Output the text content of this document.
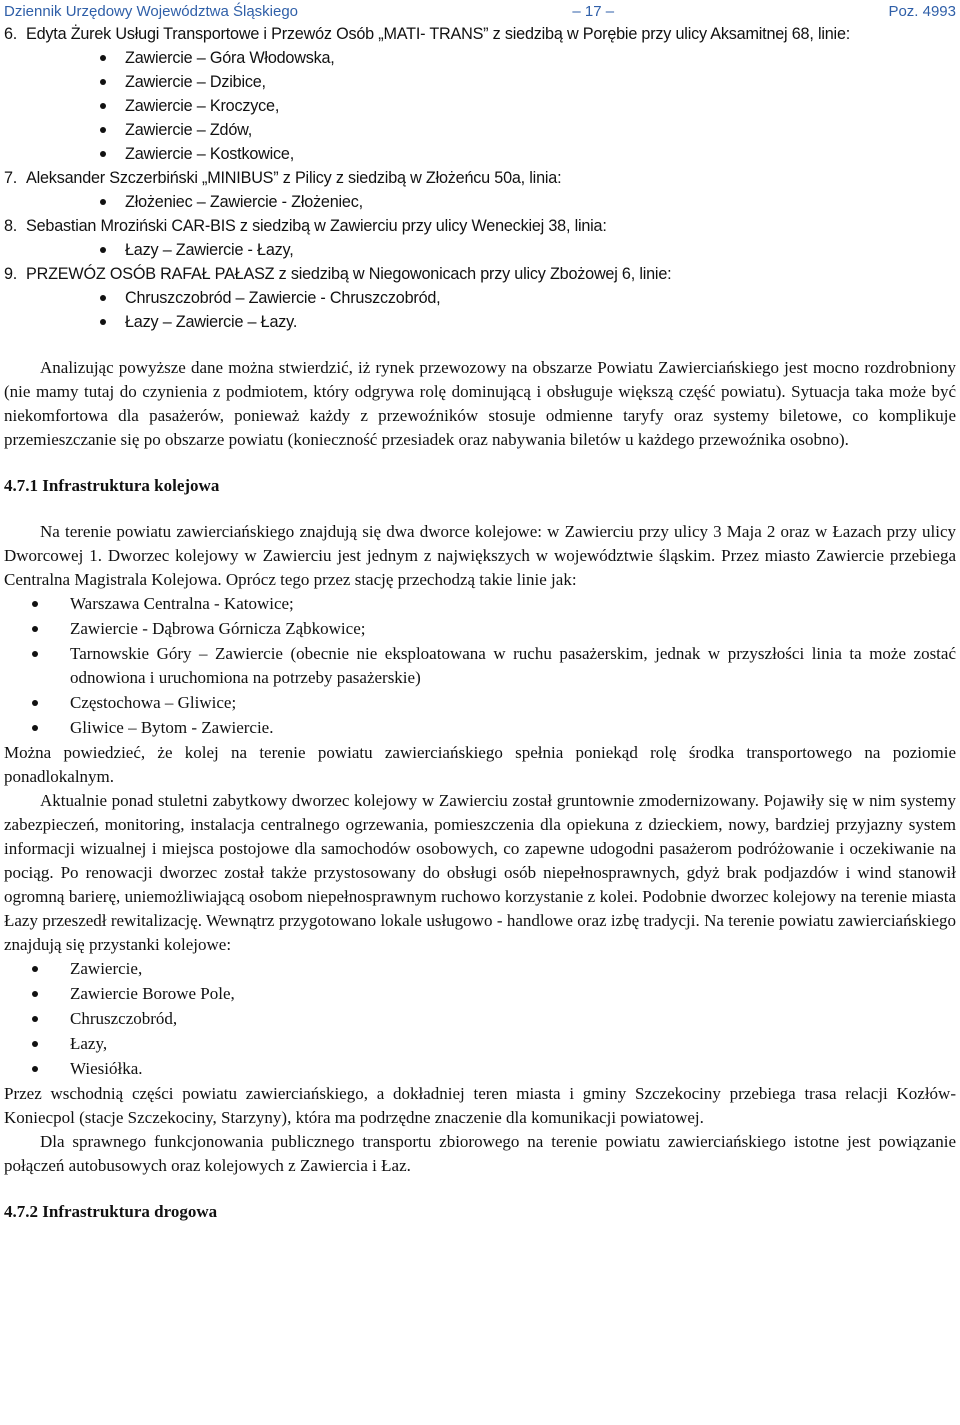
Dziennik Urzędowy Województwa Śląskiego	– 17 –	Poz. 4993
6. Edyta Żurek Usługi Transportowe i Przewóz Osób „MATI- TRANS” z siedzibą w Porębie przy ulicy Aksamitnej 68, linie:
Zawiercie – Góra Włodowska,
Zawiercie – Dzibice,
Zawiercie – Kroczyce,
Zawiercie – Zdów,
Zawiercie – Kostkowice,
7. Aleksander Szczerbiński „MINIBUS” z Pilicy z siedzibą w Złożeńcu 50a, linia:
Złożeniec – Zawiercie - Złożeniec,
8. Sebastian Mroziński CAR-BIS z siedzibą w Zawierciu przy ulicy Weneckiej 38, linia:
Łazy – Zawiercie - Łazy,
9. PRZEWÓZ OSÓB RAFAŁ PAŁASZ z siedzibą w Niegowonicach przy ulicy Zbożowej 6, linie:
Chruszczobród – Zawiercie - Chruszczobród,
Łazy – Zawiercie – Łazy.

Analizując powyższe dane można stwierdzić, iż rynek przewozowy na obszarze Powiatu Zawierciańskiego jest mocno rozdrobniony (nie mamy tutaj do czynienia z podmiotem, który odgrywa rolę dominującą i obsługuje większą część powiatu). Sytuacja taka może być niekomfortowa dla pasażerów, ponieważ każdy z przewoźników stosuje odmienne taryfy oraz systemy biletowe, co komplikuje przemieszczanie się po obszarze powiatu (konieczność przesiadek oraz nabywania biletów u każdego przewoźnika osobno).

4.7.1 Infrastruktura kolejowa

Na terenie powiatu zawierciańskiego znajdują się dwa dworce kolejowe: w Zawierciu przy ulicy 3 Maja 2 oraz w Łazach przy ulicy Dworcowej 1. Dworzec kolejowy w Zawierciu jest jednym z największych w województwie śląskim. Przez miasto Zawiercie przebiega Centralna Magistrala Kolejowa. Oprócz tego przez stację przechodzą takie linie jak:

Warszawa Centralna - Katowice;
Zawiercie - Dąbrowa Górnicza Ząbkowice;
Tarnowskie Góry – Zawiercie (obecnie nie eksploatowana w ruchu pasażerskim, jednak w przyszłości linia ta może zostać odnowiona i uruchomiona na potrzeby pasażerskie)
Częstochowa – Gliwice;
Gliwice – Bytom - Zawiercie.

Można powiedzieć, że kolej na terenie powiatu zawierciańskiego spełnia poniekąd rolę środka transportowego na poziomie ponadlokalnym.

Aktualnie ponad stuletni zabytkowy dworzec kolejowy w Zawierciu został gruntownie zmodernizowany. Pojawiły się w nim systemy zabezpieczeń, monitoring, instalacja centralnego ogrzewania, pomieszczenia dla opiekuna z dzieckiem, nowy, bardziej przyjazny system informacji wizualnej i miejsca postojowe dla samochodów osobowych, co zapewne udogodni pasażerom podróżowanie i oczekiwanie na pociąg. Po renowacji dworzec został także przystosowany do obsługi osób niepełnosprawnych, gdyż brak podjazdów i wind stanowił ogromną barierę, uniemożliwiającą osobom niepełnosprawnym ruchowo korzystanie z kolei. Podobnie dworzec kolejowy na terenie miasta Łazy przeszedł rewitalizację. Wewnątrz przygotowano lokale usługowo - handlowe oraz izbę tradycji. Na terenie powiatu zawierciańskiego znajdują się przystanki kolejowe:

Zawiercie,
Zawiercie Borowe Pole,
Chruszczobród,
Łazy,
Wiesiółka.

Przez wschodnią części powiatu zawierciańskiego, a dokładniej teren miasta i gminy Szczekociny przebiega trasa relacji Kozłów-Koniecpol (stacje Szczekociny, Starzyny), która ma podrzędne znaczenie dla komunikacji powiatowej.

Dla sprawnego funkcjonowania publicznego transportu zbiorowego na terenie powiatu zawierciańskiego istotne jest powiązanie połączeń autobusowych oraz kolejowych z Zawiercia i Łaz.

4.7.2 Infrastruktura drogowa
